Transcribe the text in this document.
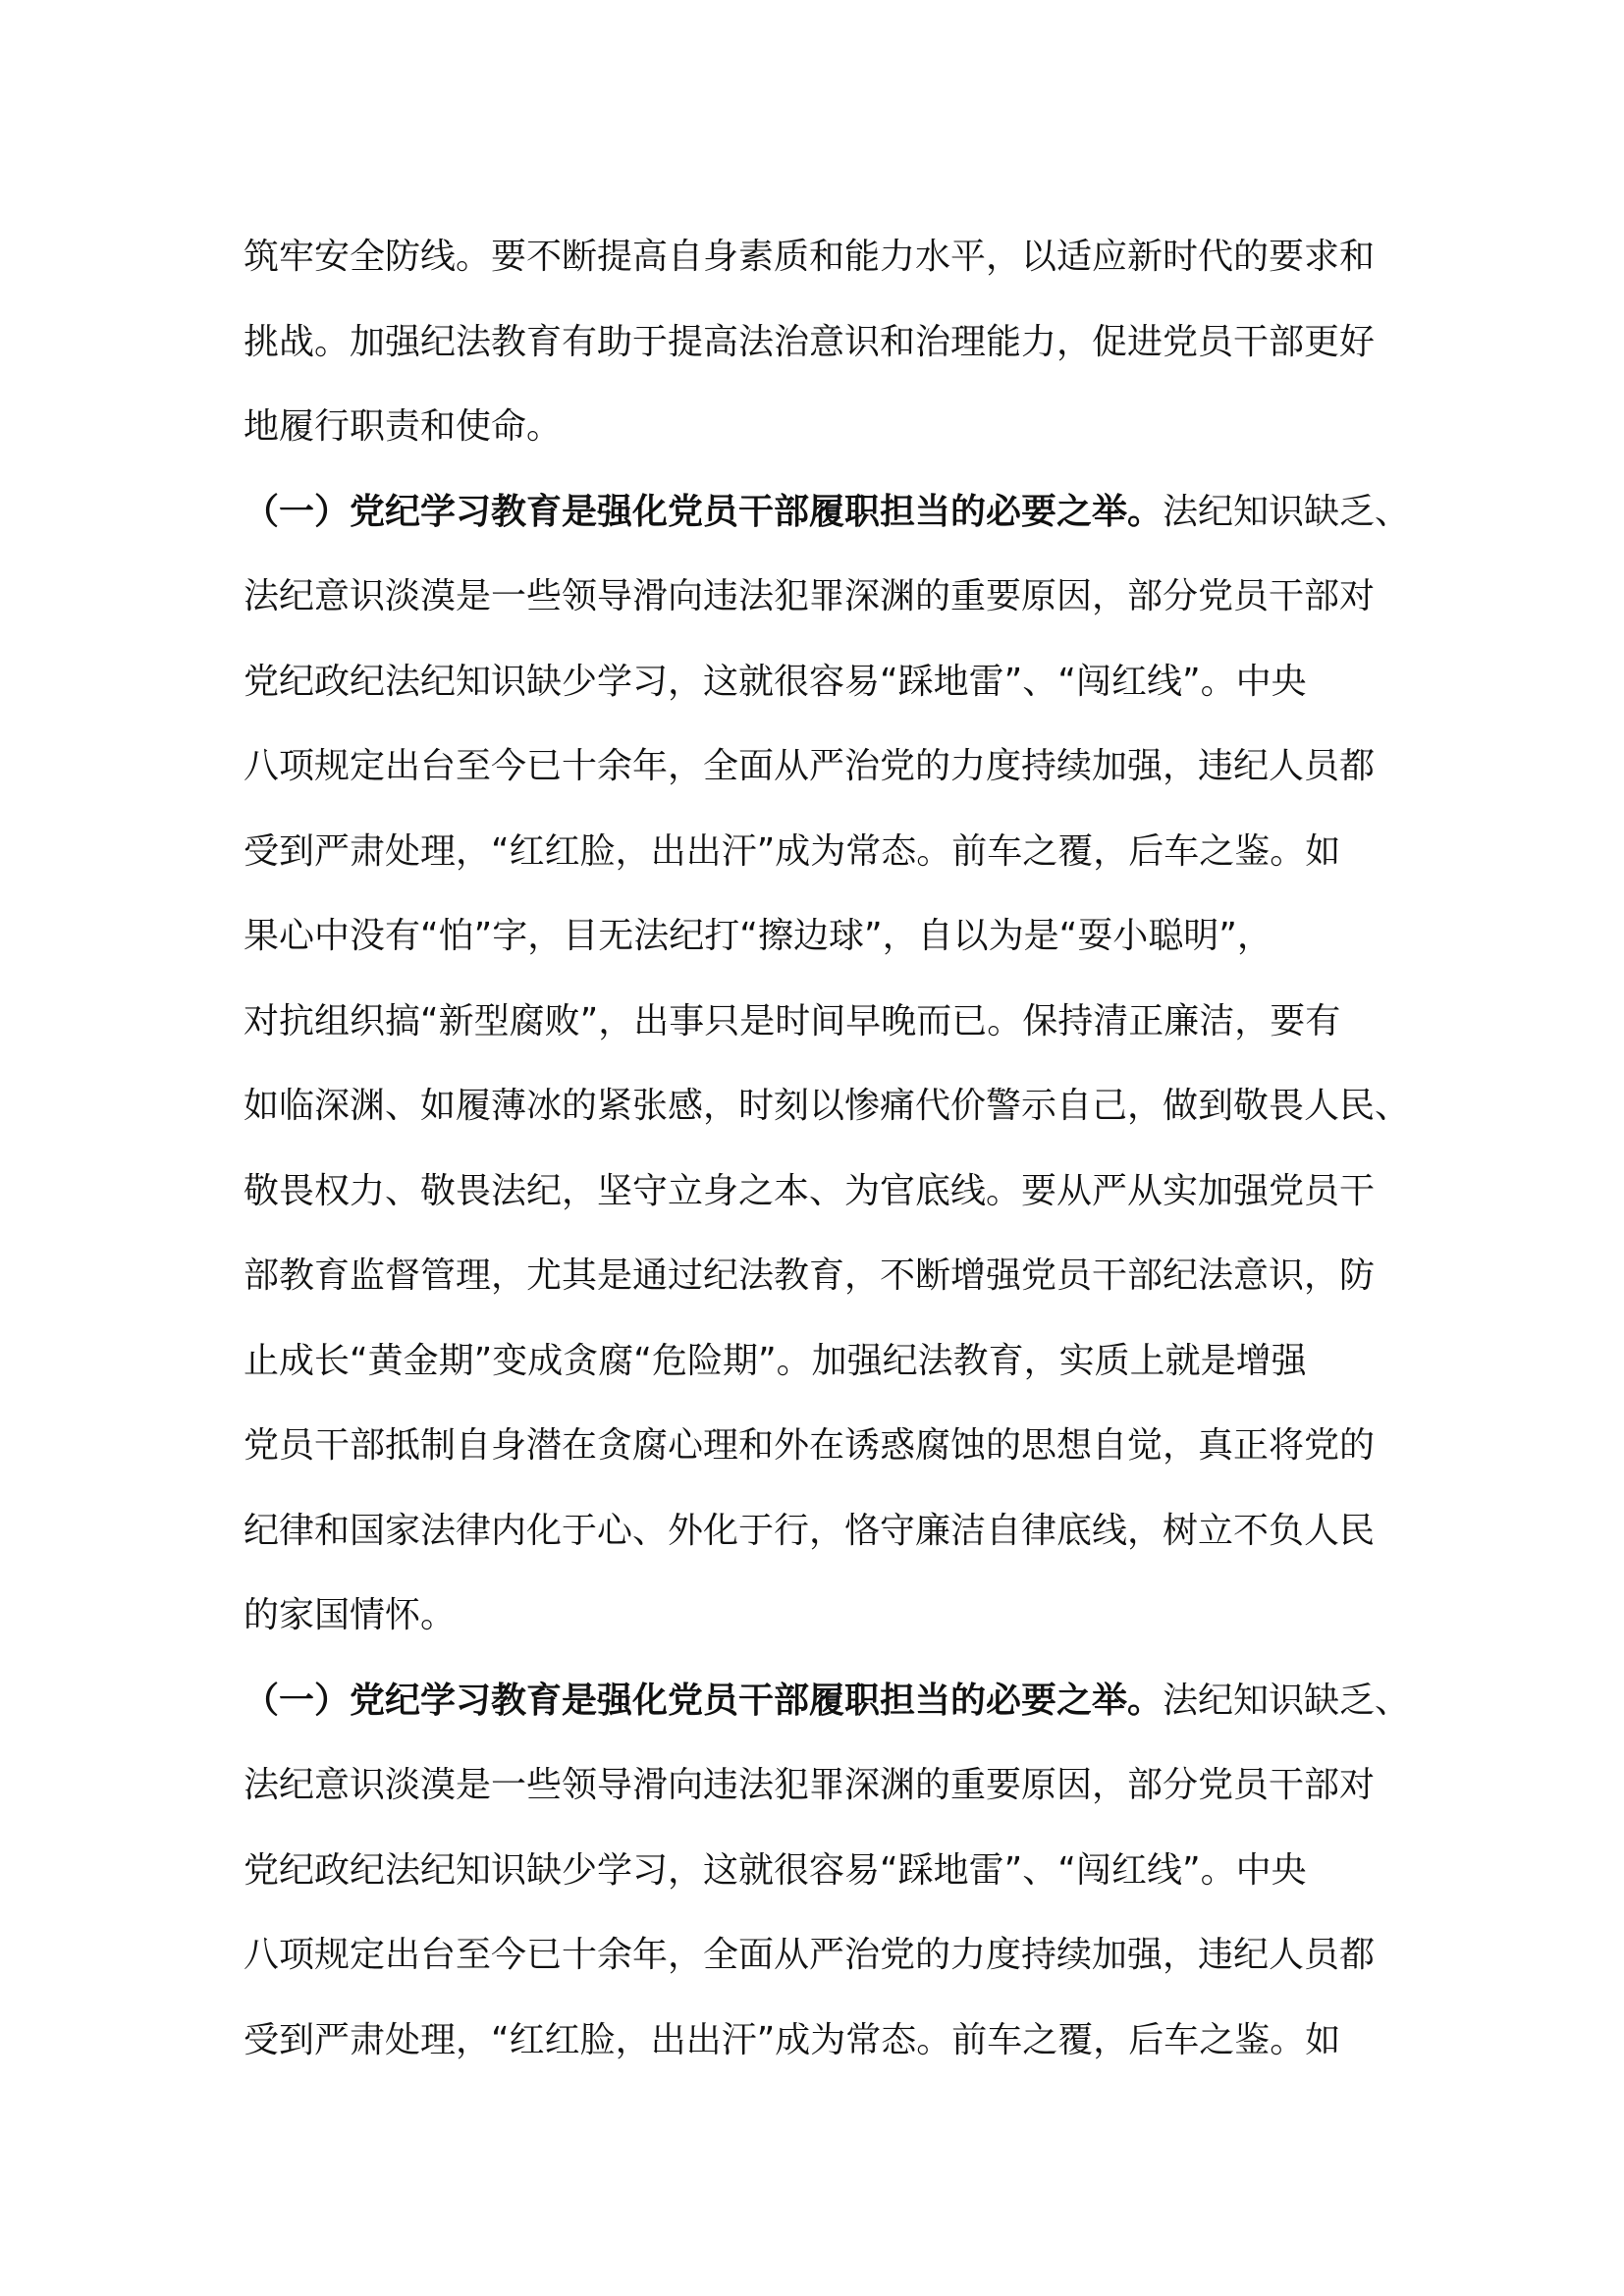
筑牢安全防线。要不断提高自身素质和能力水平，以适应新时代的要求和
挑战。加强纪法教育有助于提高法治意识和治理能力，促进党员干部更好
地履行职责和使命。
（一）党纪学习教育是强化党员干部履职担当的必要之举。法纪知识缺乏、
法纪意识淡漠是一些领导滑向违法犯罪深渊的重要原因，部分党员干部对
党纪政纪法纪知识缺少学习，这就很容易“踩地雷”、“闯红线”。中央
八项规定出台至今已十余年，全面从严治党的力度持续加强，违纪人员都
受到严肃处理，“红红脸，出出汗”成为常态。前车之覆，后车之鉴。如
果心中没有“怕”字，目无法纪打“擦边球”，自以为是“耍小聪明”，
对抗组织搞“新型腐败”，出事只是时间早晚而已。保持清正廉洁，要有
如临深渊、如履薄冰的紧张感，时刻以惨痛代价警示自己，做到敬畏人民、
敬畏权力、敬畏法纪，坚守立身之本、为官底线。要从严从实加强党员干
部教育监督管理，尤其是通过纪法教育，不断增强党员干部纪法意识，防
止成长“黄金期”变成贪腐“危险期”。加强纪法教育，实质上就是增强
党员干部抵制自身潜在贪腐心理和外在诱惑腐蚀的思想自觉，真正将党的
纪律和国家法律内化于心、外化于行，恪守廉洁自律底线，树立不负人民
的家国情怀。
（一）党纪学习教育是强化党员干部履职担当的必要之举。法纪知识缺乏、
法纪意识淡漠是一些领导滑向违法犯罪深渊的重要原因，部分党员干部对
党纪政纪法纪知识缺少学习，这就很容易“踩地雷”、“闯红线”。中央
八项规定出台至今已十余年，全面从严治党的力度持续加强，违纪人员都
受到严肃处理，“红红脸，出出汗”成为常态。前车之覆，后车之鉴。如
